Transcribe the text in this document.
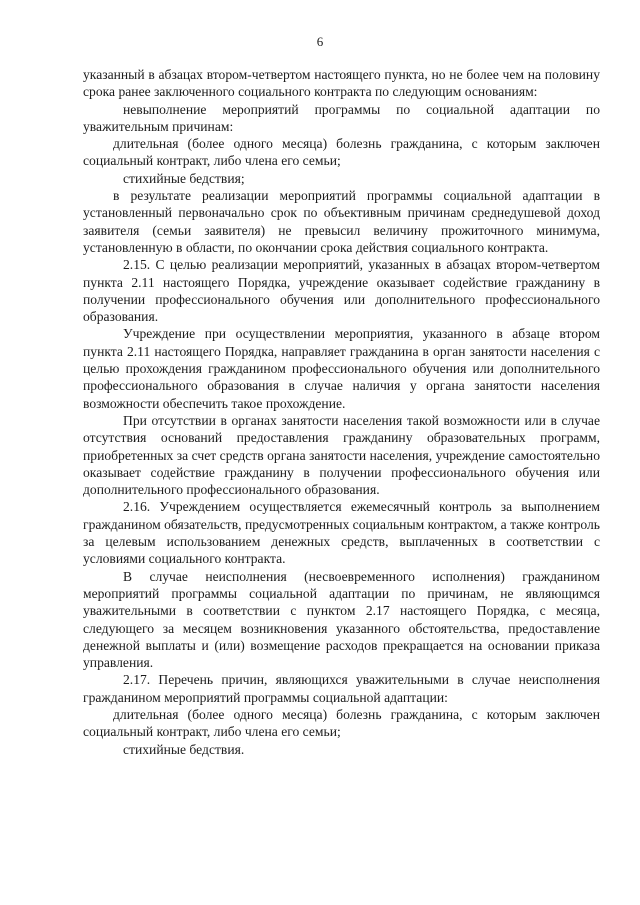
6

указанный в абзацах втором-четвертом настоящего пункта, но не более чем на половину срока ранее заключенного социального контракта по следующим основаниям:

невыполнение мероприятий программы по социальной адаптации по уважительным причинам:

длительная (более одного месяца) болезнь гражданина, с которым заключен социальный контракт, либо члена его семьи;

стихийные бедствия;

в результате реализации мероприятий программы социальной адаптации в установленный первоначально срок по объективным причинам среднедушевой доход заявителя (семьи заявителя) не превысил величину прожиточного минимума, установленную в области, по окончании срока действия социального контракта.

2.15. С целью реализации мероприятий, указанных в абзацах втором-четвертом пункта 2.11 настоящего Порядка, учреждение оказывает содействие гражданину в получении профессионального обучения или дополнительного профессионального образования.

Учреждение при осуществлении мероприятия, указанного в абзаце втором пункта 2.11 настоящего Порядка, направляет гражданина в орган занятости населения с целью прохождения гражданином профессионального обучения или дополнительного профессионального образования в случае наличия у органа занятости населения возможности обеспечить такое прохождение.

При отсутствии в органах занятости населения такой возможности или в случае отсутствия оснований предоставления гражданину образовательных программ, приобретенных за счет средств органа занятости населения, учреждение самостоятельно оказывает содействие гражданину в получении профессионального обучения или дополнительного профессионального образования.

2.16. Учреждением осуществляется ежемесячный контроль за выполнением гражданином обязательств, предусмотренных социальным контрактом, а также контроль за целевым использованием денежных средств, выплаченных в соответствии с условиями социального контракта.

В случае неисполнения (несвоевременного исполнения) гражданином мероприятий программы социальной адаптации по причинам, не являющимся уважительными в соответствии с пунктом 2.17 настоящего Порядка, с месяца, следующего за месяцем возникновения указанного обстоятельства, предоставление денежной выплаты и (или) возмещение расходов прекращается на основании приказа управления.

2.17. Перечень причин, являющихся уважительными в случае неисполнения гражданином мероприятий программы социальной адаптации:

длительная (более одного месяца) болезнь гражданина, с которым заключен социальный контракт, либо члена его семьи;

стихийные бедствия.
